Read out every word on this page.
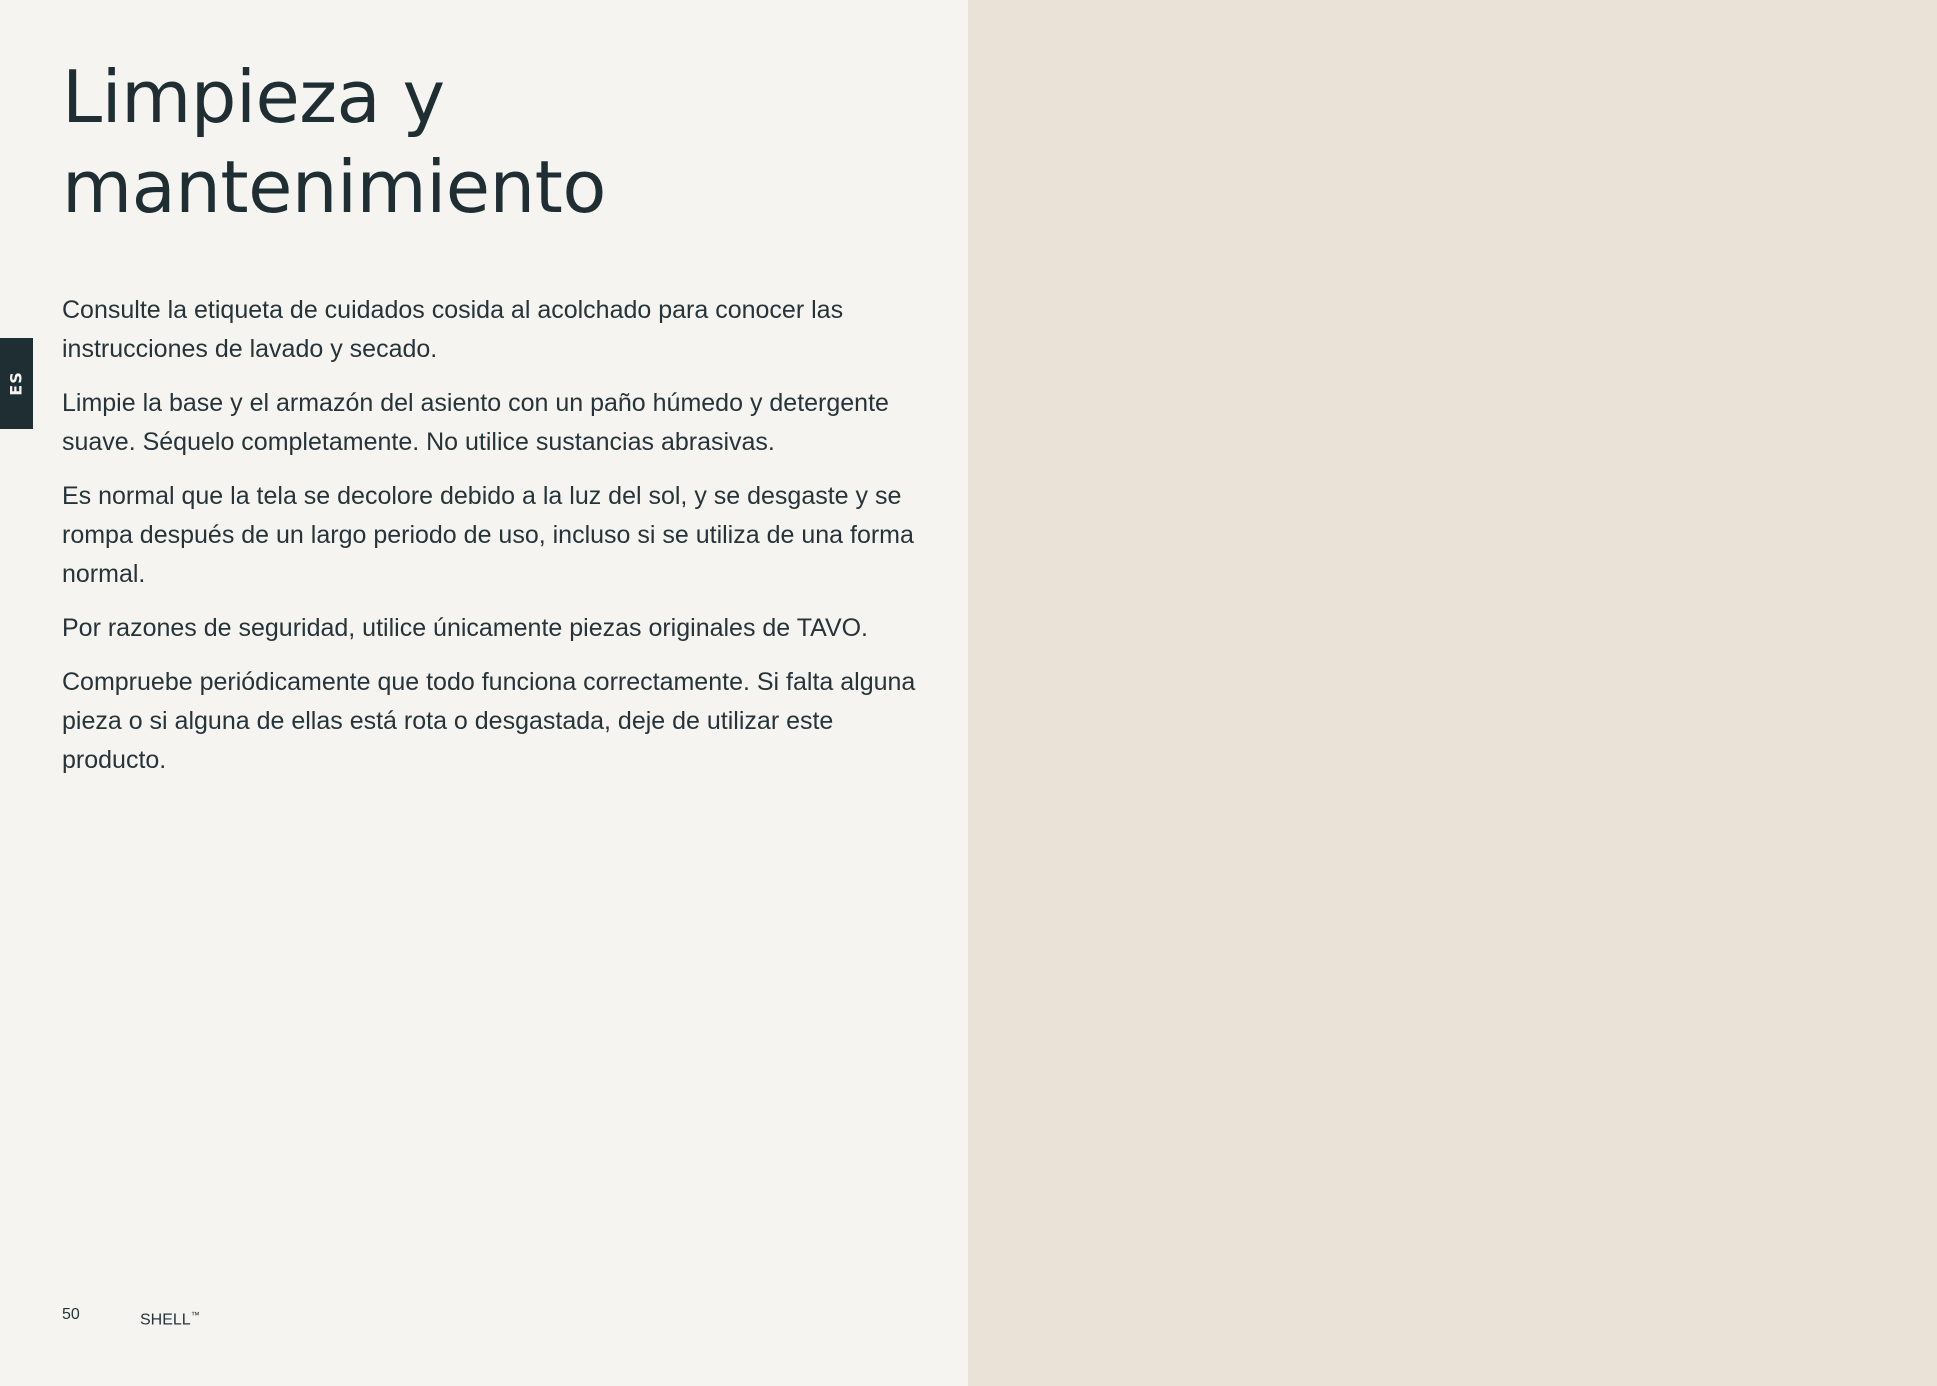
Limpieza y
mantenimiento
ES

Consulte la etiqueta de cuidados cosida al acolchado para conocer las instrucciones de lavado y secado.

Limpie la base y el armazón del asiento con un paño húmedo y detergente suave. Séquelo completamente. No utilice sustancias abrasivas.

Es normal que la tela se decolore debido a la luz del sol, y se desgaste y se rompa después de un largo periodo de uso, incluso si se utiliza de una forma normal.

Por razones de seguridad, utilice únicamente piezas originales de TAVO.

Compruebe periódicamente que todo funciona correctamente. Si falta alguna pieza o si alguna de ellas está rota o desgastada, deje de utilizar este producto.

50	SHELL™
